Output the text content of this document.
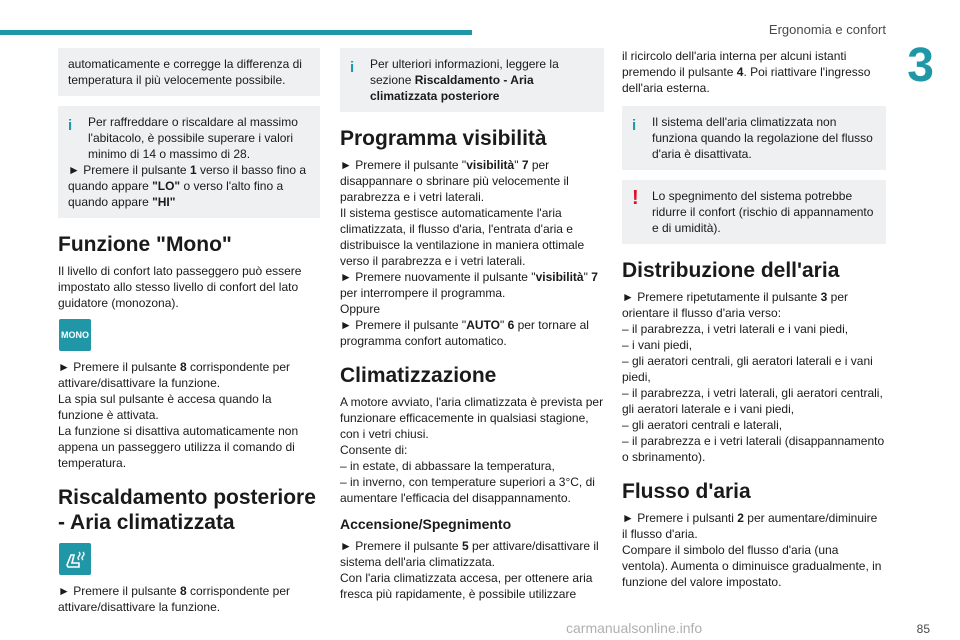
Ergonomia e confort
3

automaticamente e corregge la differenza di temperatura il più velocemente possibile.

i	Per raffreddare o riscaldare al massimo

l'abitacolo, è possibile superare i valori minimo di 14 o massimo di 28.

► Premere il pulsante 1 verso il basso fino a quando appare "LO" o verso l'alto fino a quando appare "HI"

Funzione "Mono"

Il livello di confort lato passeggero può essere impostato allo stesso livello di confort del lato guidatore (monozona).

MONO

► Premere il pulsante 8 corrispondente per attivare/disattivare la funzione.

La spia sul pulsante è accesa quando la funzione è attivata.

La funzione si disattiva automaticamente non appena un passeggero utilizza il comando di temperatura.

Riscaldamento posteriore - Aria climatizzata

► Premere il pulsante 8 corrispondente per attivare/disattivare la funzione.

i	Per ulteriori informazioni, leggere la sezione Riscaldamento - Aria climatizzata posteriore

Programma visibilità

► Premere il pulsante "visibilità" 7 per disappannare o sbrinare più velocemente il parabrezza e i vetri laterali.

Il sistema gestisce automaticamente l'aria climatizzata, il flusso d'aria, l'entrata d'aria e distribuisce la ventilazione in maniera ottimale verso il parabrezza e i vetri laterali.

► Premere nuovamente il pulsante "visibilità" 7 per interrompere il programma.

Oppure

► Premere il pulsante "AUTO" 6 per tornare al programma confort automatico.

Climatizzazione

A motore avviato, l'aria climatizzata è prevista per funzionare efficacemente in qualsiasi stagione, con i vetri chiusi.

Consente di:

– in estate, di abbassare la temperatura,

– in inverno, con temperature superiori a 3°C, di aumentare l'efficacia del disappannamento.

Accensione/Spegnimento

► Premere il pulsante 5 per attivare/disattivare il sistema dell'aria climatizzata.

Con l'aria climatizzata accesa, per ottenere aria fresca più rapidamente, è possibile utilizzare

il ricircolo dell'aria interna per alcuni istanti premendo il pulsante 4. Poi riattivare l'ingresso dell'aria esterna.

i	Il sistema dell'aria climatizzata non funziona quando la regolazione del flusso d'aria è disattivata.

!	Lo spegnimento del sistema potrebbe ridurre il confort (rischio di appannamento e di umidità).

Distribuzione dell'aria

► Premere ripetutamente il pulsante 3 per orientare il flusso d'aria verso:

– il parabrezza, i vetri laterali e i vani piedi,

– i vani piedi,

– gli aeratori centrali, gli aeratori laterali e i vani piedi,

– il parabrezza, i vetri laterali, gli aeratori centrali, gli aeratori laterale e i vani piedi,

– gli aeratori centrali e laterali,

– il parabrezza e i vetri laterali (disappannamento o sbrinamento).

Flusso d'aria

► Premere i pulsanti 2 per aumentare/diminuire il flusso d'aria.

Compare il simbolo del flusso d'aria (una ventola). Aumenta o diminuisce gradualmente, in funzione del valore impostato.

carmanualsonline.info	85
